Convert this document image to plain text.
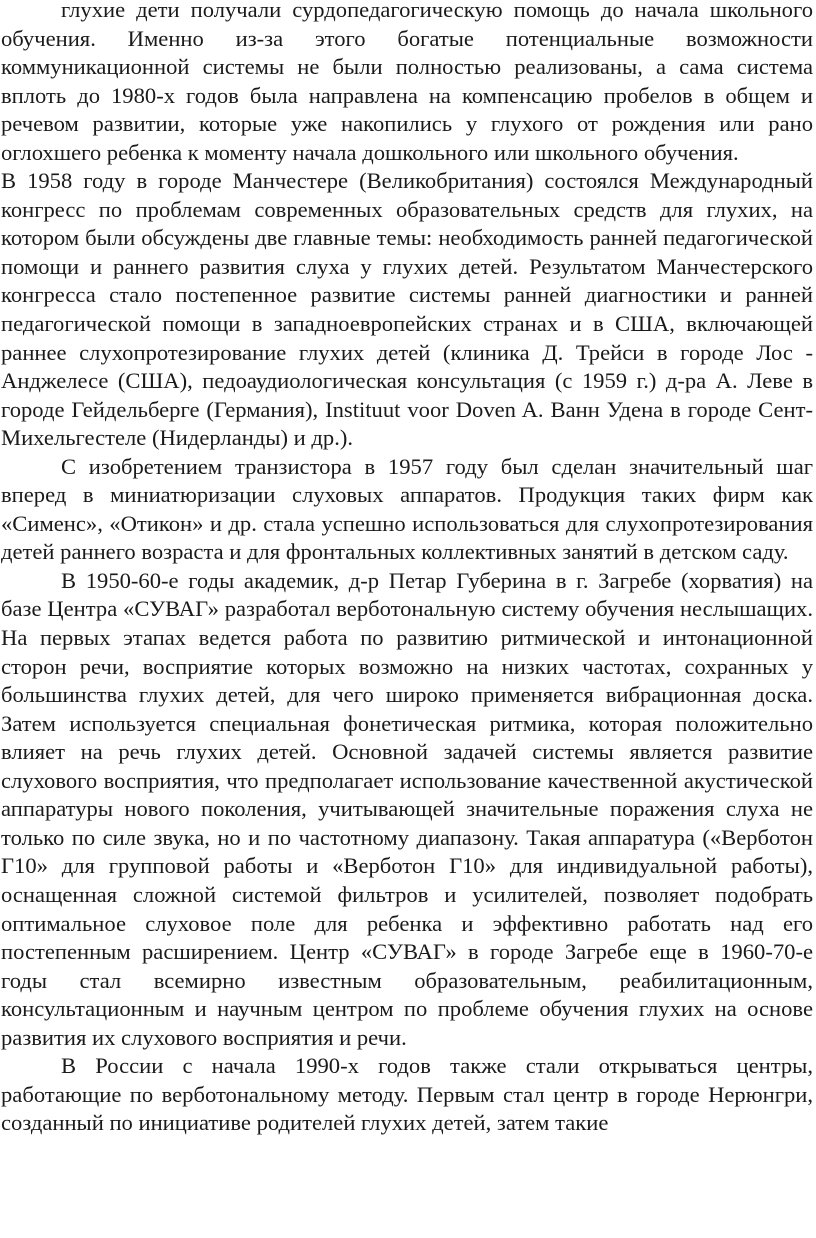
глухие дети получали сурдопедагогическую помощь до начала школьного обучения. Именно из-за этого богатые потенциальные возможности коммуникационной системы не были полностью реализованы, а сама система вплоть до 1980-х годов была направлена на компенсацию пробелов в общем и речевом развитии, которые уже накопились у глухого от рождения или рано оглохшего ребенка к моменту начала дошкольного или школьного обучения.

В 1958 году в городе Манчестере (Великобритания) состоялся Международный конгресс по проблемам современных образовательных средств для глухих, на котором были обсуждены две главные темы: необходимость ранней педагогической помощи и раннего развития слуха у глухих детей. Результатом Манчестерского конгресса стало постепенное развитие системы ранней диагностики и ранней педагогической помощи в западноевропейских странах и в США, включающей раннее слухопротезирование глухих детей (клиника Д. Трейси в городе Лос - Анджелесе (США), педоаудиологическая консультация (с 1959 г.) д-ра А. Леве в городе Гейдельберге (Германия), Instituut voor Doven A. Ванн Удена в городе Сент-Михельгестеле (Нидерланды) и др.).

С изобретением транзистора в 1957 году был сделан значительный шаг вперед в миниатюризации слуховых аппаратов. Продукция таких фирм как «Сименс», «Отикон» и др. стала успешно использоваться для слухопротезирования детей раннего возраста и для фронтальных коллективных занятий в детском саду.

В 1950-60-е годы академик, д-р Петар Губерина в г. Загребе (хорватия) на базе Центра «СУВАГ» разработал верботональную систему обучения неслышащих. На первых этапах ведется работа по развитию ритмической и интонационной сторон речи, восприятие которых возможно на низких частотах, сохранных у большинства глухих детей, для чего широко применяется вибрационная доска. Затем используется специальная фонетическая ритмика, которая положительно влияет на речь глухих детей. Основной задачей системы является развитие слухового восприятия, что предполагает использование качественной акустической аппаратуры нового поколения, учитывающей значительные поражения слуха не только по силе звука, но и по частотному диапазону. Такая аппаратура («Верботон Г10» для групповой работы и «Верботон Г10» для индивидуальной работы), оснащенная сложной системой фильтров и усилителей, позволяет подобрать оптимальное слуховое поле для ребенка и эффективно работать над его постепенным расширением. Центр «СУВАГ» в городе Загребе еще в 1960-70-е годы стал всемирно известным образовательным, реабилитационным, консультационным и научным центром по проблеме обучения глухих на основе развития их слухового восприятия и речи.

В России с начала 1990-х годов также стали открываться центры, работающие по верботональному методу. Первым стал центр в городе Нерюнгри, созданный по инициативе родителей глухих детей, затем такие
